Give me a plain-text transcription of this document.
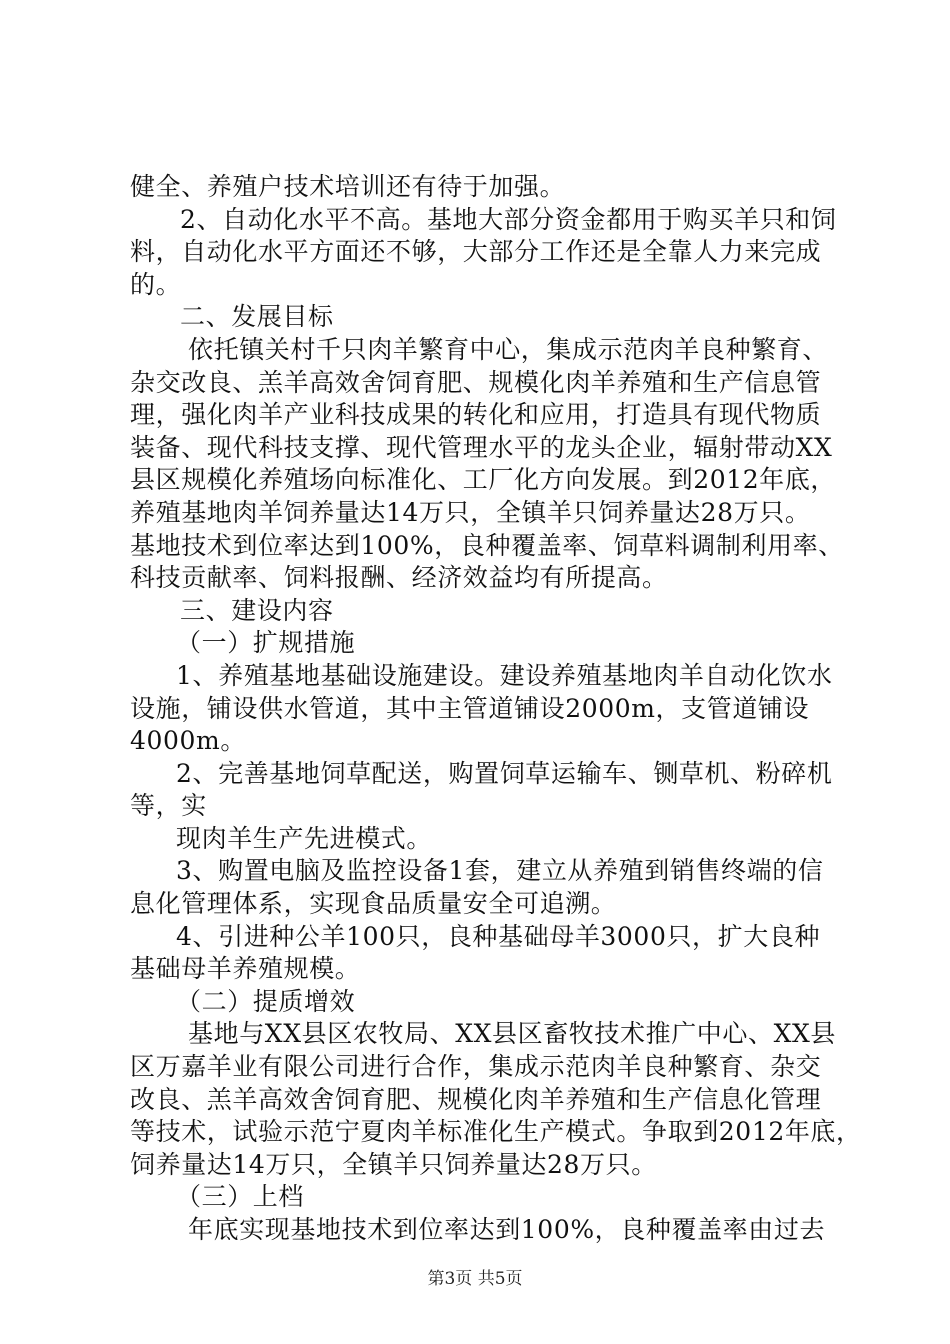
健全、养殖户技术培训还有待于加强。
2、自动化水平不高。基地大部分资金都用于购买羊只和饲
料，自动化水平方面还不够，大部分工作还是全靠人力来完成
的。
二、发展目标
依托镇关村千只肉羊繁育中心，集成示范肉羊良种繁育、
杂交改良、羔羊高效舍饲育肥、规模化肉羊养殖和生产信息管
理，强化肉羊产业科技成果的转化和应用，打造具有现代物质
装备、现代科技支撑、现代管理水平的龙头企业，辐射带动XX
县区规模化养殖场向标准化、工厂化方向发展。到2012年底，
养殖基地肉羊饲养量达14万只，全镇羊只饲养量达28万只。
基地技术到位率达到100%，良种覆盖率、饲草料调制利用率、
科技贡献率、饲料报酬、经济效益均有所提高。
三、建设内容
（一）扩规措施
1、养殖基地基础设施建设。建设养殖基地肉羊自动化饮水
设施，铺设供水管道，其中主管道铺设2000m，支管道铺设
4000m。
2、完善基地饲草配送，购置饲草运输车、铡草机、粉碎机
等，实
现肉羊生产先进模式。
3、购置电脑及监控设备1套，建立从养殖到销售终端的信
息化管理体系，实现食品质量安全可追溯。
4、引进种公羊100只，良种基础母羊3000只，扩大良种
基础母羊养殖规模。
（二）提质增效
基地与XX县区农牧局、XX县区畜牧技术推广中心、XX县
区万嘉羊业有限公司进行合作，集成示范肉羊良种繁育、杂交
改良、羔羊高效舍饲育肥、规模化肉羊养殖和生产信息化管理
等技术，试验示范宁夏肉羊标准化生产模式。争取到2012年底，
饲养量达14万只，全镇羊只饲养量达28万只。
（三）上档
年底实现基地技术到位率达到100%，良种覆盖率由过去
第3页 共5页
